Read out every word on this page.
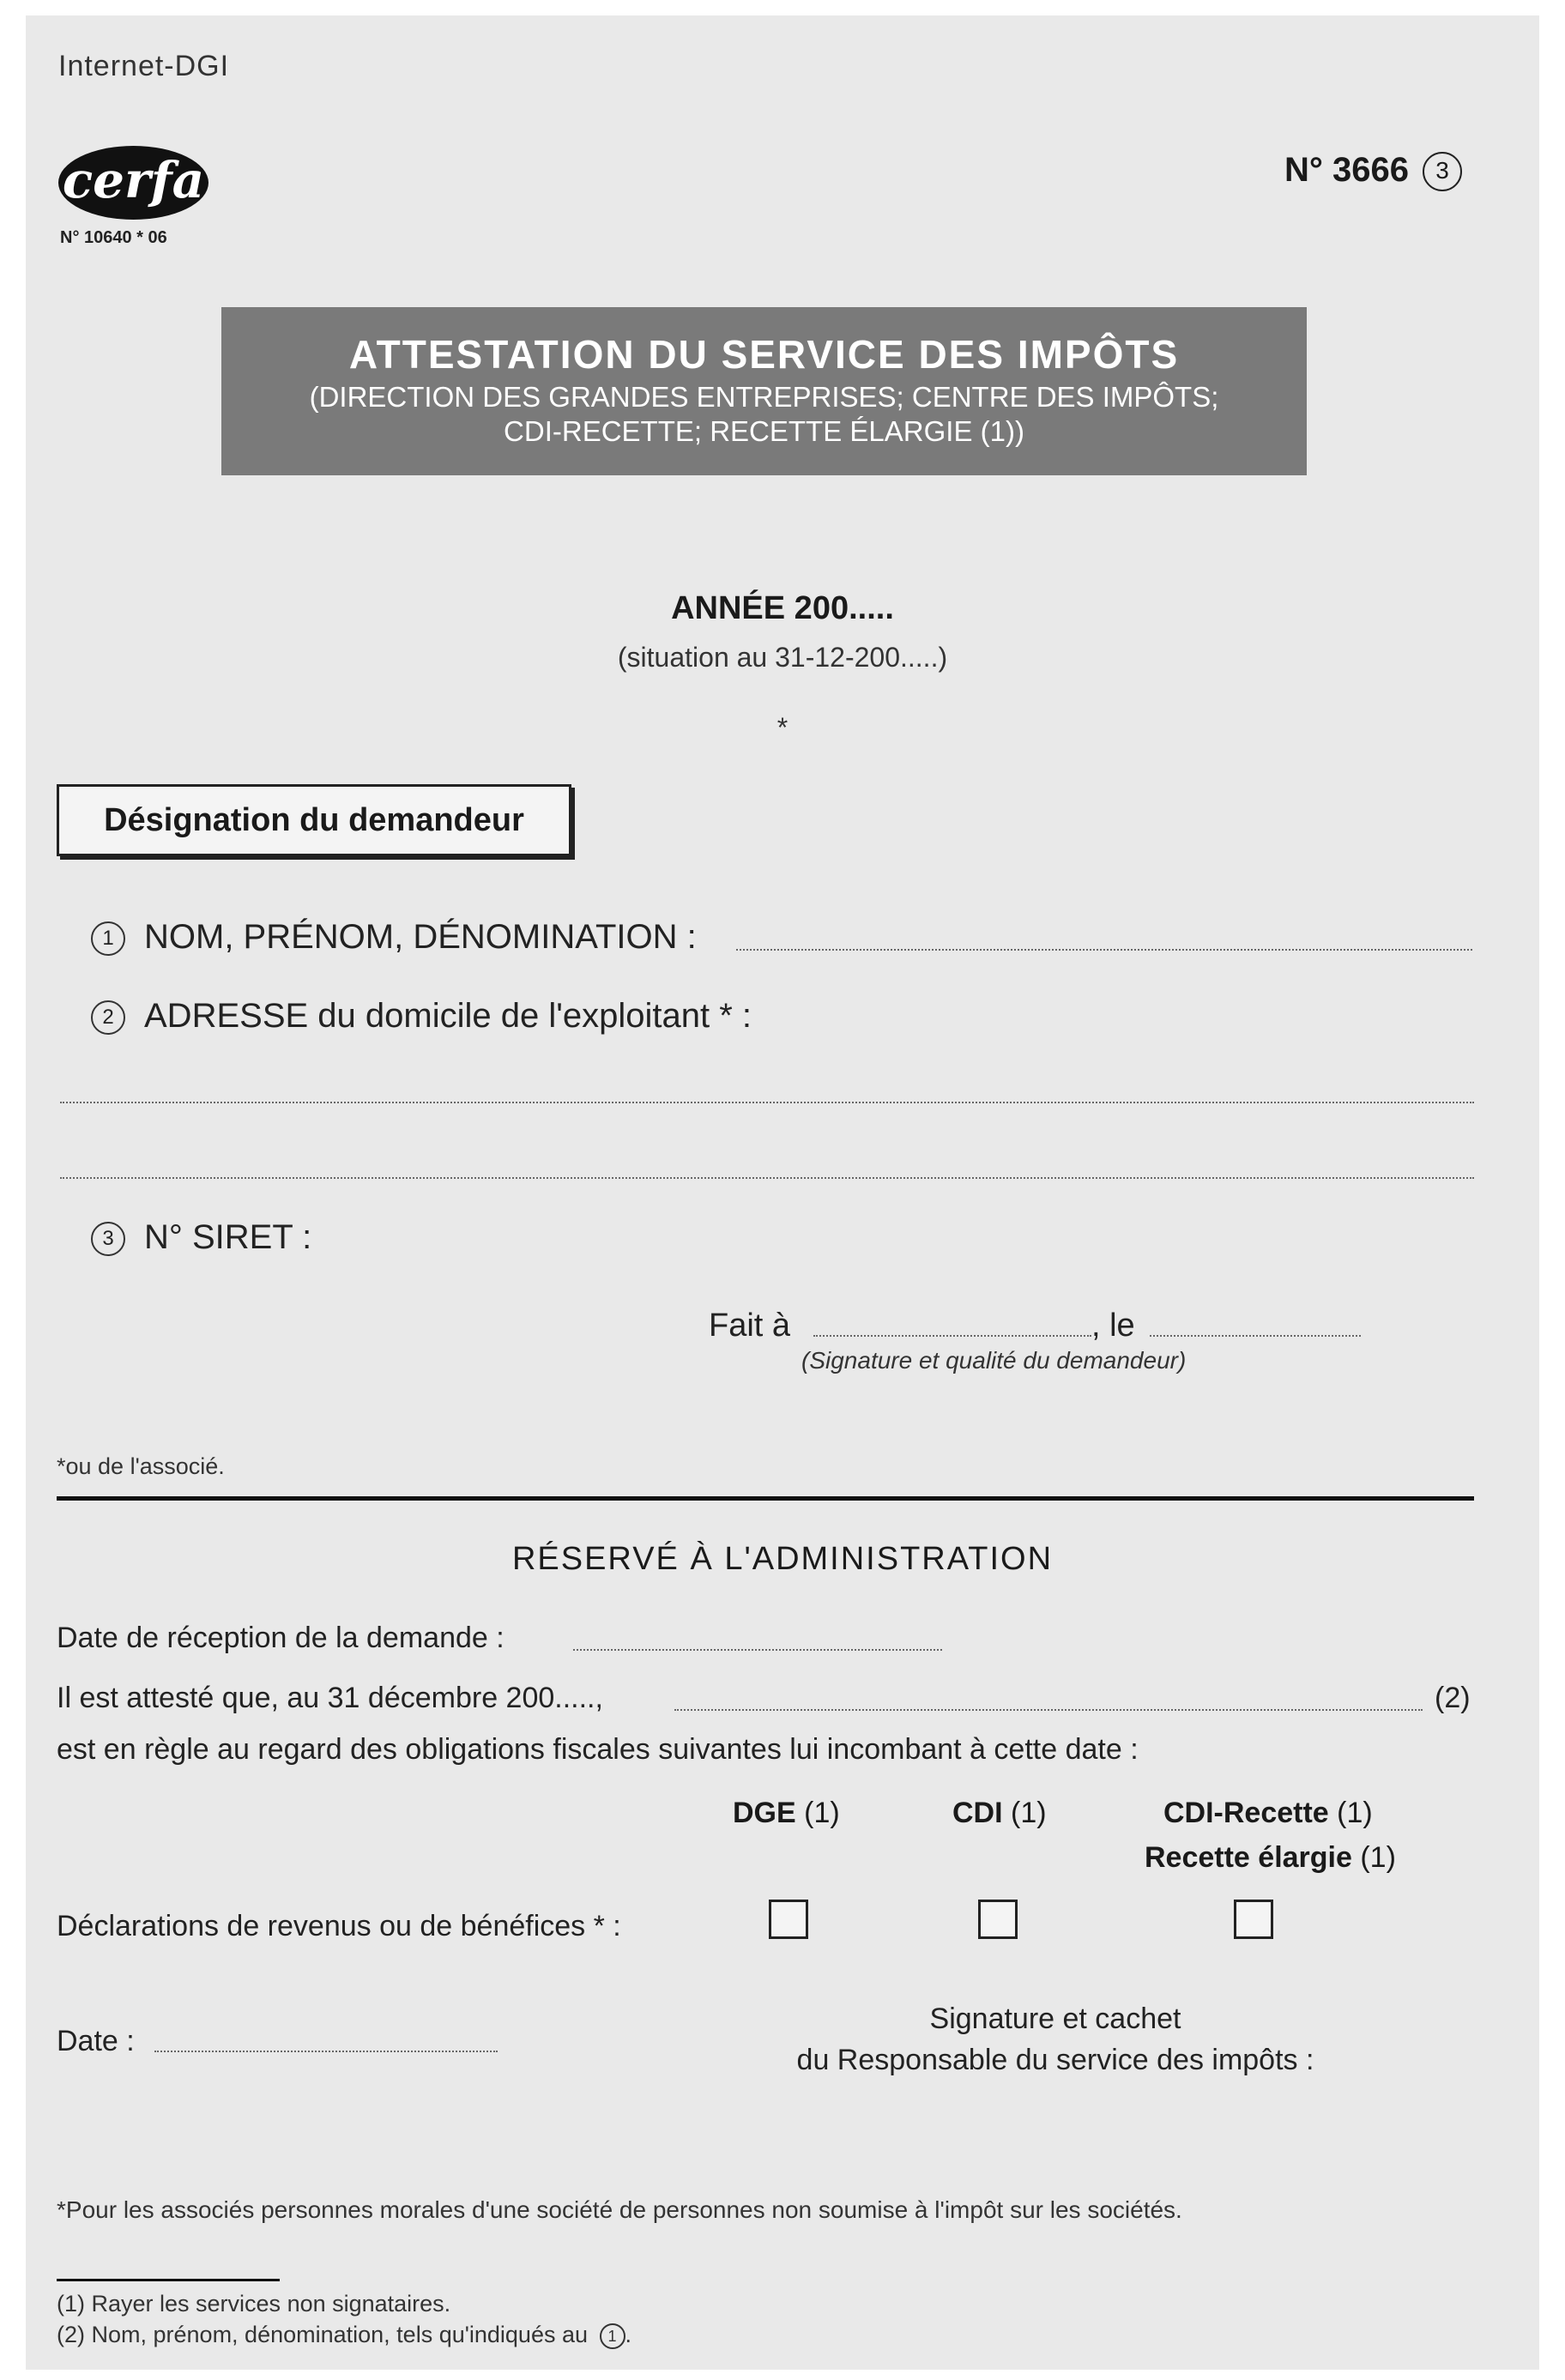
Internet-DGI
cerfa
N° 10640 * 06
N° 3666 3
ATTESTATION DU SERVICE DES IMPÔTS
(DIRECTION DES GRANDES ENTREPRISES; CENTRE DES IMPÔTS;
CDI-RECETTE; RECETTE ÉLARGIE (1))
ANNÉE 200.....
(situation au 31-12-200.....)
*
Désignation du demandeur
1 NOM, PRÉNOM, DÉNOMINATION :
2 ADRESSE du domicile de l'exploitant * :
3 N° SIRET :
Fait à	, le
(Signature et qualité du demandeur)
*ou de l'associé.
RÉSERVÉ À L'ADMINISTRATION
Date de réception de la demande :
Il est attesté que, au 31 décembre 200.....,	(2)
est en règle au regard des obligations fiscales suivantes lui incombant à cette date :
DGE (1)	CDI (1)	CDI-Recette (1)
Recette élargie (1)
Déclarations de revenus ou de bénéfices * :
Date :
Signature et cachet
du Responsable du service des impôts :
*Pour les associés personnes morales d'une société de personnes non soumise à l'impôt sur les sociétés.
(1) Rayer les services non signataires.
(2) Nom, prénom, dénomination, tels qu'indiqués au 1 .
